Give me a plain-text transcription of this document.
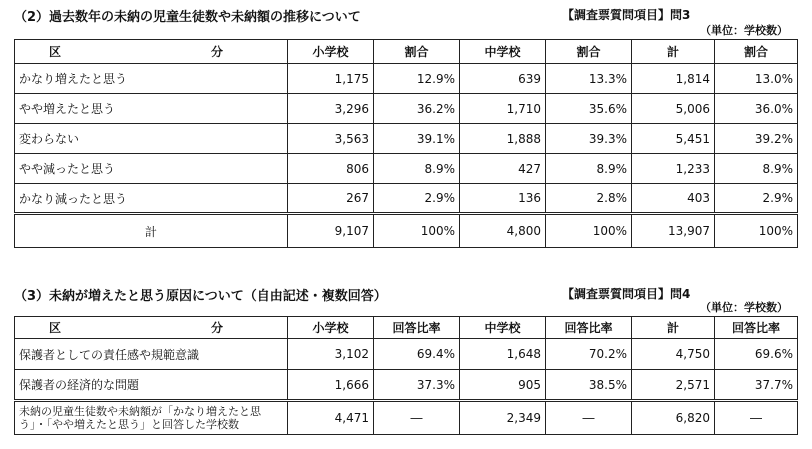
（2）過去数年の未納の児童生徒数や未納額の推移について	【調査票質問項目】問3
（単位：学校数）
区 分	小学校	割合	中学校	割合	計	割合
かなり増えたと思う	1,175	12.9%	639	13.3%	1,814	13.0%
やや増えたと思う	3,296	36.2%	1,710	35.6%	5,006	36.0%
変わらない	3,563	39.1%	1,888	39.3%	5,451	39.2%
やや減ったと思う	806	8.9%	427	8.9%	1,233	8.9%
かなり減ったと思う	267	2.9%	136	2.8%	403	2.9%
計	9,107	100%	4,800	100%	13,907	100%
（3）未納が増えたと思う原因について（自由記述・複数回答）	【調査票質問項目】問4
（単位：学校数）
区 分	小学校	回答比率	中学校	回答比率	計	回答比率
保護者としての責任感や規範意識	3,102	69.4%	1,648	70.2%	4,750	69.6%
保護者の経済的な問題	1,666	37.3%	905	38.5%	2,571	37.7%
未納の児童生徒数や未納額が「かなり増えたと思う」・「やや増えたと思う」と回答した学校数	4,471	―	2,349	―	6,820	―
